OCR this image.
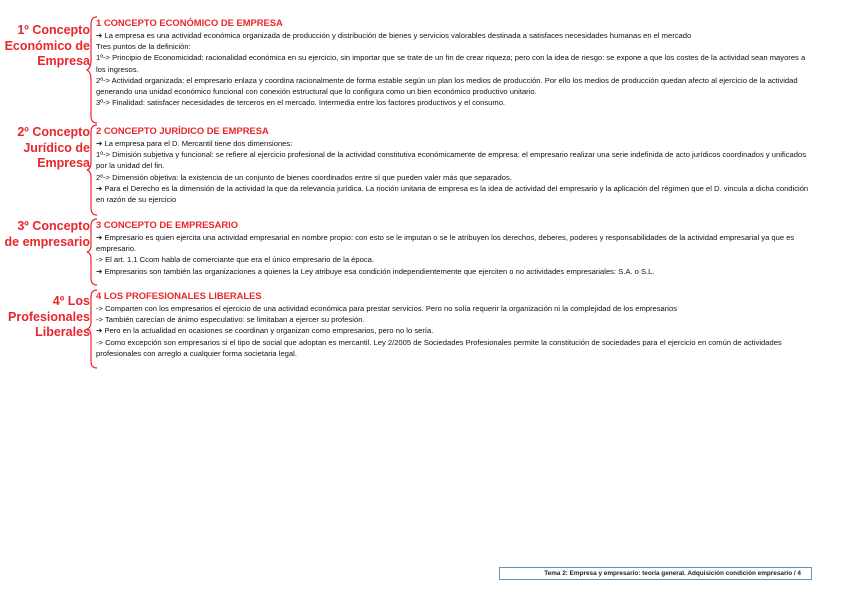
1º Concepto Económico de Empresa
1 CONCEPTO ECONÓMICO DE EMPRESA
➔ La empresa es una actividad económica organizada de producción y distribución de bienes y servicios valorables destinada a satisfaces necesidades humanas en el mercado
Tres puntos de la definición:
1º-> Principio de Economicidad: racionalidad económica en su ejercicio, sin importar que se trate de un fin de crear riqueza; pero con la idea de riesgo: se expone a que los costes de la actividad sean mayores a los ingresos.
2º-> Actividad organizada: el empresario enlaza y coordina racionalmente de forma estable según un plan los medios de producción. Por ello los medios de producción quedan afecto al ejercicio de la actividad generando una unidad económico funcional con conexión estructural que lo configura como un bien económico productivo unitario.
3º-> Finalidad: satisfacer necesidades de terceros en el mercado. Intermedia entre los factores productivos y el consumo.
2º Concepto Jurídico de Empresa
2 CONCEPTO JURÍDICO DE EMPRESA
➔ La empresa para el D. Mercantil tiene dos dimensiones:
1º-> Dimisión subjetiva y funcional: se refiere al ejercicio profesional de la actividad constitutiva económicamente de empresa: el empresario realizar una serie indefinida de acto jurídicos coordinados y unificados por la unidad del fin.
2º-> Dimensión objetiva: la existencia de un conjunto de bienes coordinados entre sí que pueden valer más que separados.
➔ Para el Derecho es la dimensión de la actividad la que da relevancia jurídica. La noción unitaria de empresa es la idea de actividad del empresario y la aplicación del régimen que el D. vincula a dicha condición en razón de su ejercicio
3º Concepto de empresario
3 CONCEPTO DE EMPRESARIO
➔ Empresario es quien ejercita una actividad empresarial en nombre propio: con esto se le imputan o se le atribuyen los derechos, deberes, poderes y responsabilidades de la actividad empresarial ya que es empresario.
-> El art. 1.1 Ccom habla de comerciante que era el único empresario de la época.
➔ Empresarios son también las organizaciones a quienes la Ley atribuye esa condición independientemente que ejerciten o no actividades empresariales: S.A. o S.L.
4º Los Profesionales Liberales
4 LOS PROFESIONALES LIBERALES
-> Comparten con los empresarios el ejercicio de una actividad económica para prestar servicios. Pero no solía requerir la organización ni la complejidad de los empresarios
-> También carecían de ánimo especulativo: se limitaban a ejercer su profesión.
➔ Pero en la actualidad en ocasiones se coordinan y organizan como empresarios, pero no lo sería.
-> Como excepción son empresarios si el tipo de social que adoptan es mercantil. Ley 2/2005 de Sociedades Profesionales permite la constitución de sociedades para el ejercicio en común de actividades profesionales con arreglo a cualquier forma societaria legal.
Tema 2: Empresa y empresario: teoría general. Adquisición condición empresario / 4
